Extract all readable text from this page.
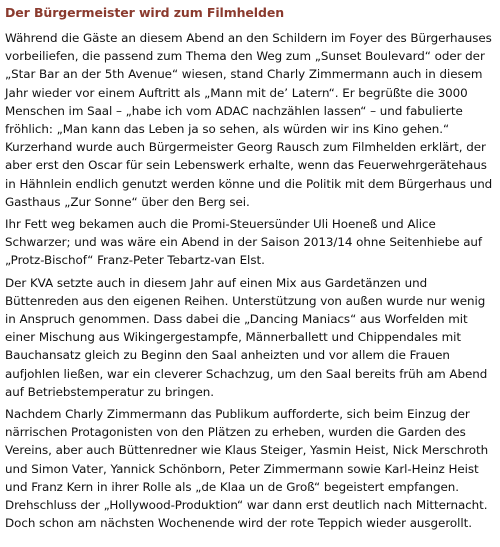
Der Bürgermeister wird zum Filmhelden

Während die Gäste an diesem Abend an den Schildern im Foyer des Bürgerhauses vorbeiliefen, die passend zum Thema den Weg zum „Sunset Boulevard“ oder der „Star Bar an der 5th Avenue“ wiesen, stand Charly Zimmermann auch in diesem Jahr wieder vor einem Auftritt als „Mann mit de’ Latern“. Er begrüßte die 3000 Menschen im Saal – „habe ich vom ADAC nachzählen lassen“ – und fabulierte fröhlich: „Man kann das Leben ja so sehen, als würden wir ins Kino gehen.“ Kurzerhand wurde auch Bürgermeister Georg Rausch zum Filmhelden erklärt, der aber erst den Oscar für sein Lebenswerk erhalte, wenn das Feuerwehrgerätehaus in Hähnlein endlich genutzt werden könne und die Politik mit dem Bürgerhaus und Gasthaus „Zur Sonne“ über den Berg sei.

Ihr Fett weg bekamen auch die Promi-Steuersünder Uli Hoeneß und Alice Schwarzer; und was wäre ein Abend in der Saison 2013/14 ohne Seitenhiebe auf „Protz-Bischof“ Franz-Peter Tebartz-van Elst.

Der KVA setzte auch in diesem Jahr auf einen Mix aus Gardetänzen und Büttenreden aus den eigenen Reihen. Unterstützung von außen wurde nur wenig in Anspruch genommen. Dass dabei die „Dancing Maniacs“ aus Worfelden mit einer Mischung aus Wikingergestampfe, Männerballett und Chippendales mit Bauchansatz gleich zu Beginn den Saal anheizten und vor allem die Frauen aufjohlen ließen, war ein cleverer Schachzug, um den Saal bereits früh am Abend auf Betriebstemperatur zu bringen.

Nachdem Charly Zimmermann das Publikum aufforderte, sich beim Einzug der närrischen Protagonisten von den Plätzen zu erheben, wurden die Garden des Vereins, aber auch Büttenredner wie Klaus Steiger, Yasmin Heist, Nick Merschroth und Simon Vater, Yannick Schönborn, Peter Zimmermann sowie Karl-Heinz Heist und Franz Kern in ihrer Rolle als „de Klaa un de Groß“ begeistert empfangen. Drehschluss der „Hollywood-Produktion“ war dann erst deutlich nach Mitternacht. Doch schon am nächsten Wochenende wird der rote Teppich wieder ausgerollt.
